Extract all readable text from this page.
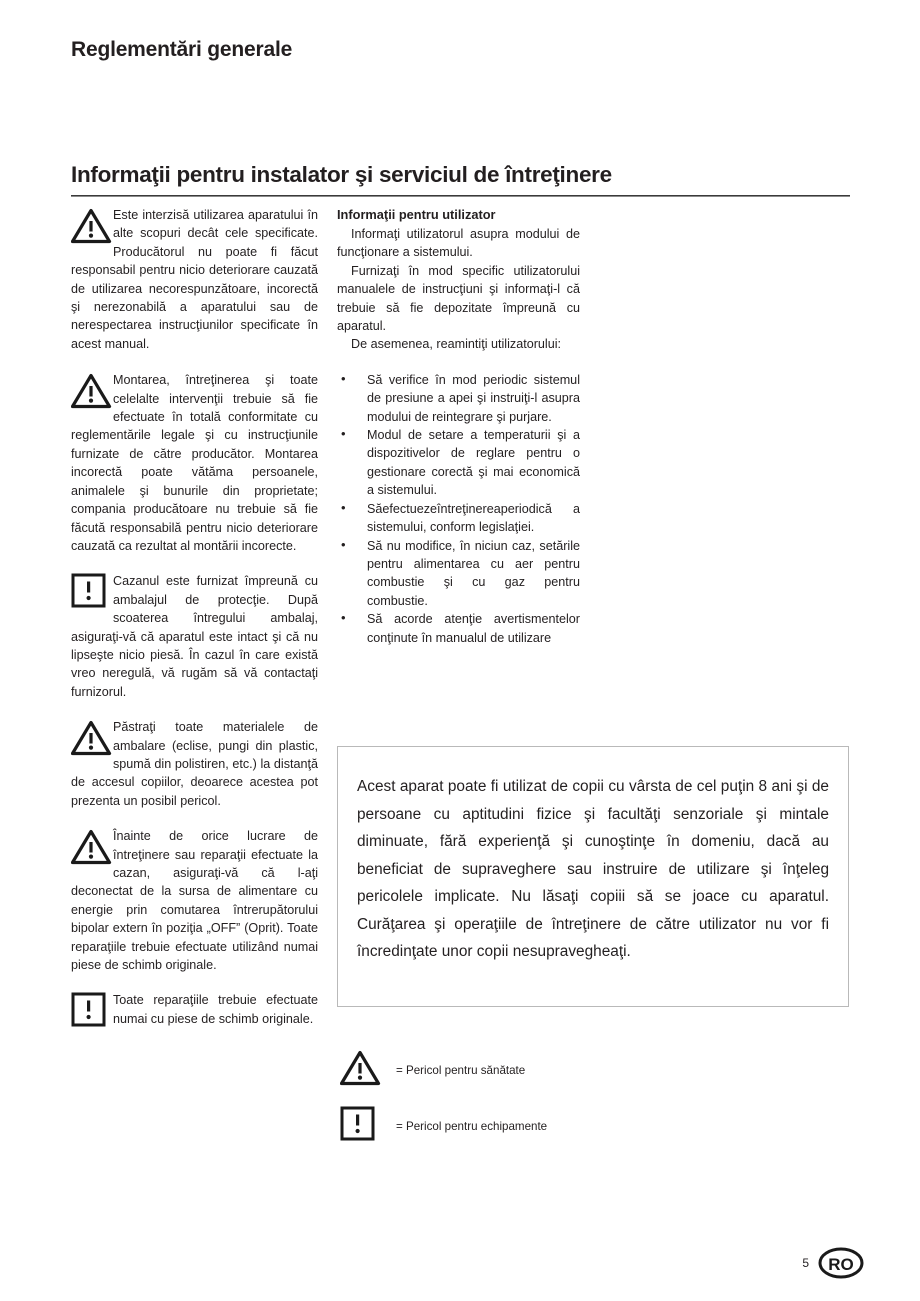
Reglementări generale
Informaţii pentru instalator şi serviciul de întreţinere

Este interzisă utilizarea aparatului în alte scopuri decât cele specificate. Producătorul nu poate fi făcut responsabil pentru nicio deteriorare cauzată de utilizarea necorespunzătoare, incorectă şi nerezonabilă a aparatului sau de nerespectarea instrucţiunilor specificate în acest manual.

Montarea, întreţinerea şi toate celelalte intervenţii trebuie să fie efectuate în totală conformitate cu reglementările legale şi cu instrucţiunile furnizate de către producător. Montarea incorectă poate vătăma persoanele, animalele şi bunurile din proprietate; compania producătoare nu trebuie să fie făcută responsabilă pentru nicio deteriorare cauzată ca rezultat al montării incorecte.

Cazanul este furnizat împreună cu ambalajul de protecţie. După scoaterea întregului ambalaj, asiguraţi-vă că aparatul este intact şi că nu lipseşte nicio piesă. În cazul în care există vreo neregulă, vă rugăm să vă contactaţi furnizorul.

Păstraţi toate materialele de ambalare (eclise, pungi din plastic, spumă din polistiren, etc.) la distanţă de accesul copiilor, deoarece acestea pot prezenta un posibil pericol.

Înainte de orice lucrare de întreţinere sau reparaţii efectuate la cazan, asiguraţi-vă că l-aţi deconectat de la sursa de alimentare cu energie prin comutarea întrerupătorului bipolar extern în poziţia „OFF” (Oprit). Toate reparaţiile trebuie efectuate utilizând numai piese de schimb originale.

Toate reparaţiile trebuie efectuate numai cu piese de schimb originale.

Informaţii pentru utilizator

Informaţi utilizatorul asupra modului de funcţionare a sistemului.

Furnizaţi în mod specific utilizatorului manualele de instrucţiuni şi informaţi-l că trebuie să fie depozitate împreună cu aparatul.

De asemenea, reamintiţi utilizatorului:

• Să verifice în mod periodic sistemul de presiune a apei şi instruiţi-l asupra modului de reintegrare şi purjare.
• Modul de setare a temperaturii şi a dispozitivelor de reglare pentru o gestionare corectă şi mai economică a sistemului.
• Săefectuezeîntreţinereaperiodică a sistemului, conform legislaţiei.
• Să nu modifice, în niciun caz, setările pentru alimentarea cu aer pentru combustie şi cu gaz pentru combustie.
• Să acorde atenţie avertismentelor conţinute în manualul de utilizare
Acest aparat poate fi utilizat de copii cu vârsta de cel puţin 8 ani şi de persoane cu aptitudini fizice şi facultăţi senzoriale şi mintale diminuate, fără experienţă şi cunoştinţe în domeniu, dacă au beneficiat de supraveghere sau instruire de utilizare şi înţeleg pericolele implicate. Nu lăsaţi copiii să se joace cu aparatul. Curăţarea şi operaţiile de întreţinere de către utilizator nu vor fi încredinţate unor copii nesupravegheaţi.
= Pericol pentru sănătate
= Pericol pentru echipamente
5 RO
